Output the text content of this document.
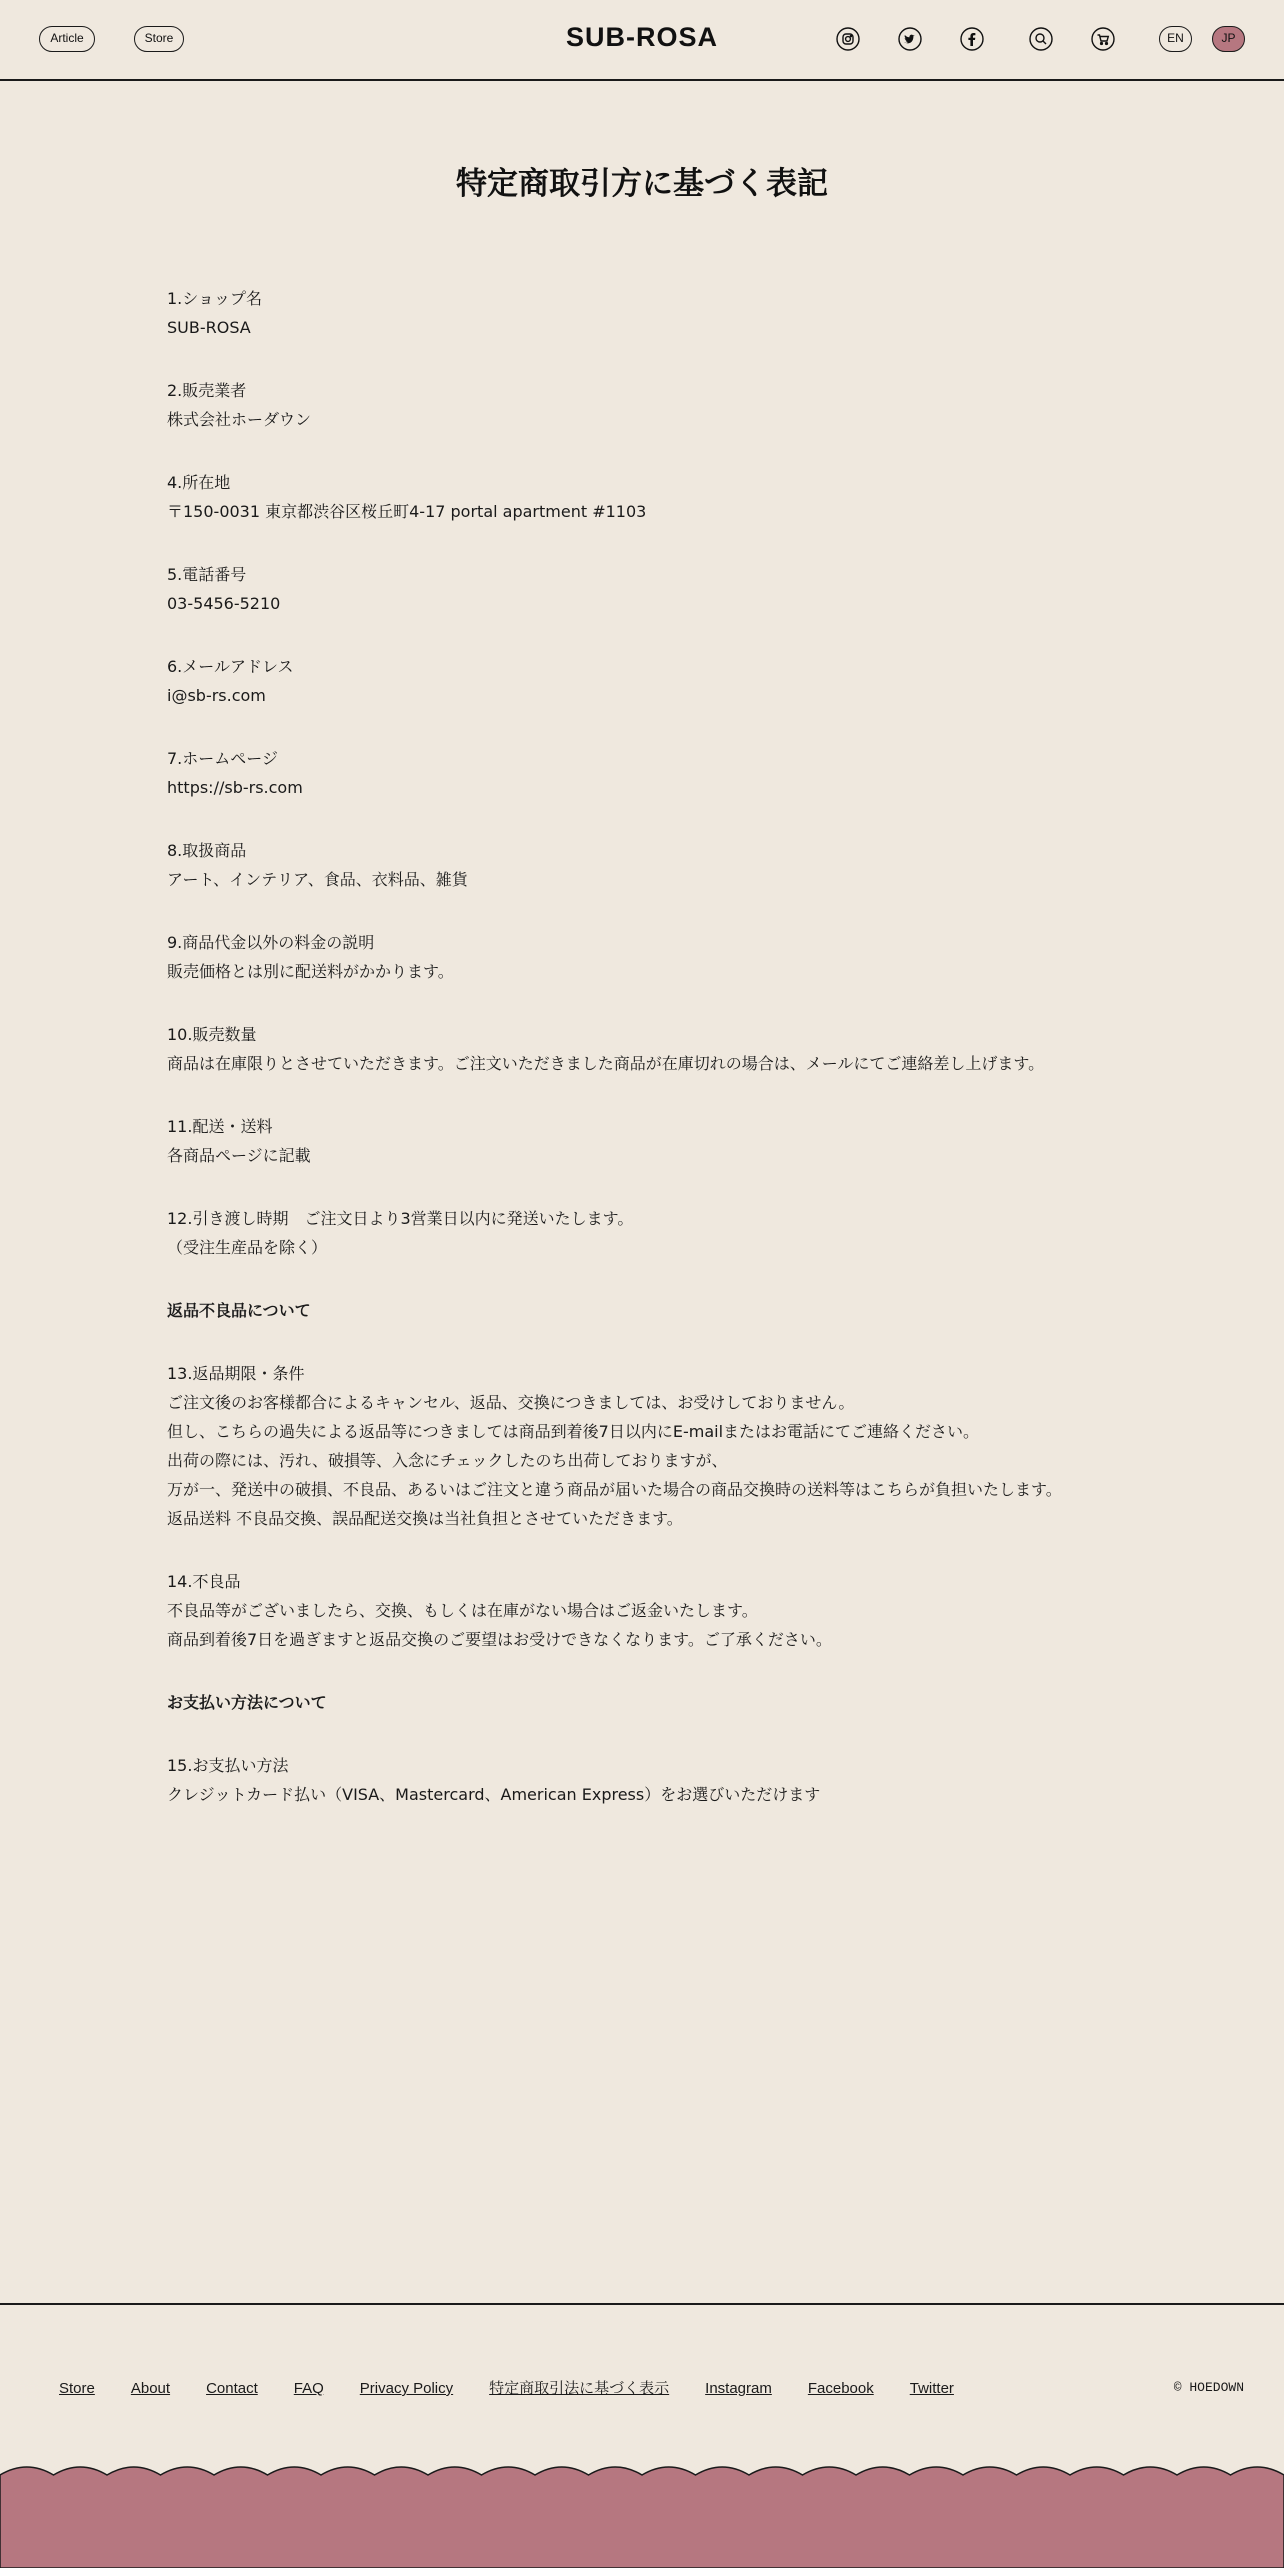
Article	Store	SUB-ROSA	EN	JP
特定商取引方に基づく表記
1.ショップ名
SUB-ROSA
2.販売業者
株式会社ホーダウン
4.所在地
〒150-0031 東京都渋谷区桜丘町4-17 portal apartment #1103
5.電話番号
03-5456-5210
6.メールアドレス
i@sb-rs.com
7.ホームページ
https://sb-rs.com
8.取扱商品
アート、インテリア、食品、衣料品、雑貨
9.商品代金以外の料金の説明
販売価格とは別に配送料がかかります。
10.販売数量
商品は在庫限りとさせていただきます。ご注文いただきました商品が在庫切れの場合は、メールにてご連絡差し上げます。
11.配送・送料
各商品ページに記載
12.引き渡し時期　ご注文日より3営業日以内に発送いたします。
（受注生産品を除く）
返品不良品について
13.返品期限・条件
ご注文後のお客様都合によるキャンセル、返品、交換につきましては、お受けしておりません。
但し、こちらの過失による返品等につきましては商品到着後7日以内にE-mailまたはお電話にてご連絡ください。
出荷の際には、汚れ、破損等、入念にチェックしたのち出荷しておりますが、
万が一、発送中の破損、不良品、あるいはご注文と違う商品が届いた場合の商品交換時の送料等はこちらが負担いたします。
返品送料 不良品交換、誤品配送交換は当社負担とさせていただきます。
14.不良品
不良品等がございましたら、交換、もしくは在庫がない場合はご返金いたします。
商品到着後7日を過ぎますと返品交換のご要望はお受けできなくなります。ご了承ください。
お支払い方法について
15.お支払い方法
クレジットカード払い（VISA、Mastercard、American Express）をお選びいただけます
Store About Contact FAQ Privacy Policy 特定商取引法に基づく表示 Instagram Facebook Twitter	© HOEDOWN
